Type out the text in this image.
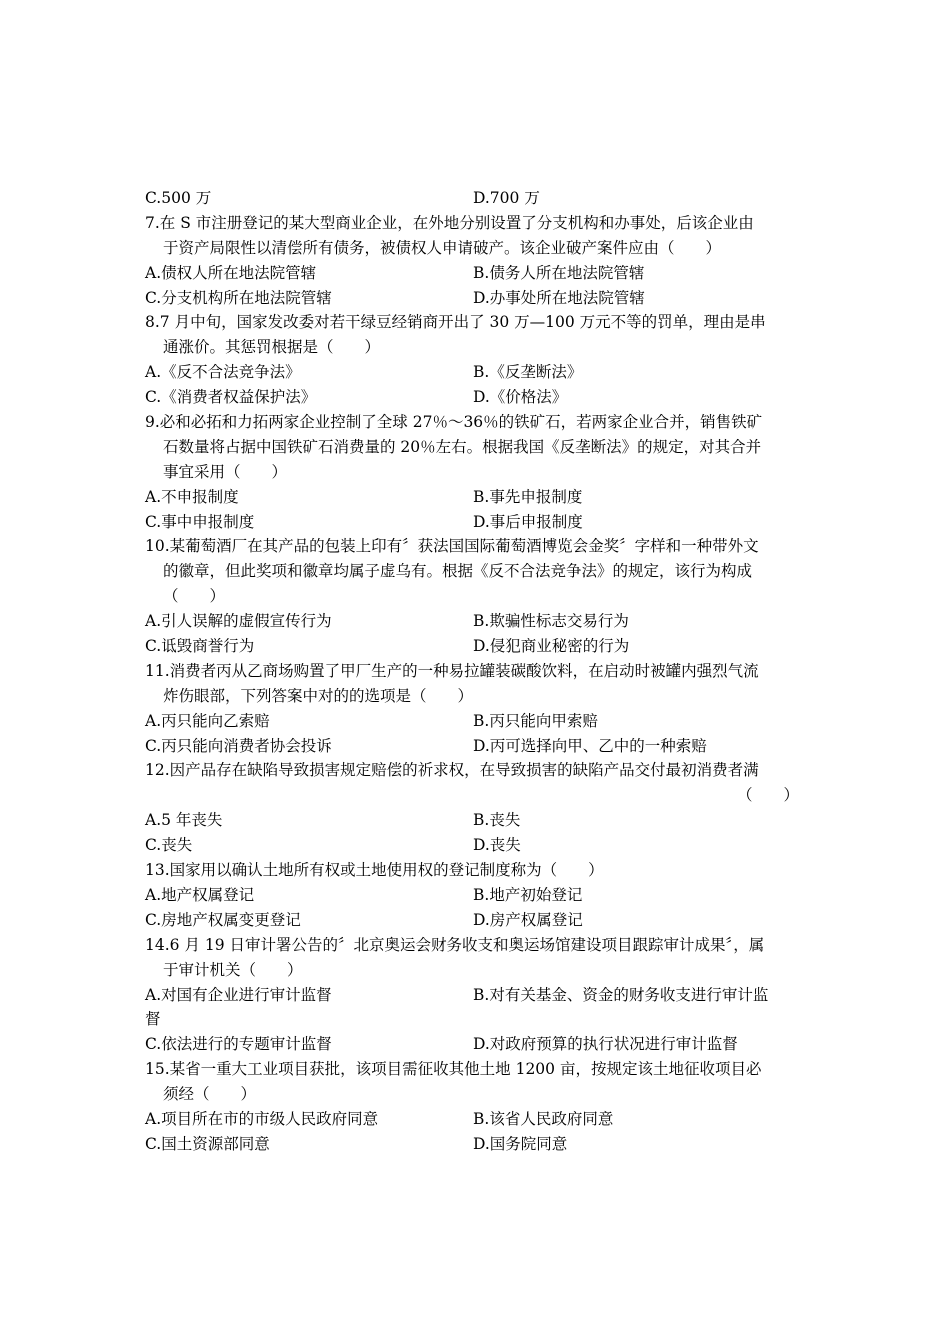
C.500 万	D.700 万
7.在 S 市注册登记的某大型商业企业，在外地分别设置了分支机构和办事处，后该企业由
于资产局限性以清偿所有债务，被债权人申请破产。该企业破产案件应由（　　）
A.债权人所在地法院管辖	B.债务人所在地法院管辖
C.分支机构所在地法院管辖	D.办事处所在地法院管辖
8.7 月中旬，国家发改委对若干绿豆经销商开出了 30 万—100 万元不等的罚单，理由是串
通涨价。其惩罚根据是（　　）
A.《反不合法竞争法》	B.《反垄断法》
C.《消费者权益保护法》	D.《价格法》
9.必和必拓和力拓两家企业控制了全球 27％～36％的铁矿石，若两家企业合并，销售铁矿
石数量将占据中国铁矿石消费量的 20％左右。根据我国《反垄断法》的规定，对其合并
事宜采用（　　）
A.不申报制度	B.事先申报制度
C.事中申报制度	D.事后申报制度
10.某葡萄酒厂在其产品的包装上印有〞获法国国际葡萄酒博览会金奖〞字样和一种带外文
的徽章，但此奖项和徽章均属子虚乌有。根据《反不合法竞争法》的规定，该行为构成
（　　）
A.引人误解的虚假宣传行为	B.欺骗性标志交易行为
C.诋毁商誉行为	D.侵犯商业秘密的行为
11.消费者丙从乙商场购置了甲厂生产的一种易拉罐装碳酸饮料，在启动时被罐内强烈气流
炸伤眼部，下列答案中对的的选项是（　　）
A.丙只能向乙索赔	B.丙只能向甲索赔
C.丙只能向消费者协会投诉	D.丙可选择向甲、乙中的一种索赔
12.因产品存在缺陷导致损害规定赔偿的祈求权，在导致损害的缺陷产品交付最初消费者满
（　　）
A.5 年丧失	B.丧失
C.丧失	D.丧失
13.国家用以确认土地所有权或土地使用权的登记制度称为（　　）
A.地产权属登记	B.地产初始登记
C.房地产权属变更登记	D.房产权属登记
14.6 月 19 日审计署公告的〞北京奥运会财务收支和奥运场馆建设项目跟踪审计成果〞，属
于审计机关（　　）
A.对国有企业进行审计监督	B.对有关基金、资金的财务收支进行审计监
督
C.依法进行的专题审计监督	D.对政府预算的执行状况进行审计监督
15.某省一重大工业项目获批，该项目需征收其他土地 1200 亩，按规定该土地征收项目必
须经（　　）
A.项目所在市的市级人民政府同意	B.该省人民政府同意
C.国土资源部同意	D.国务院同意
